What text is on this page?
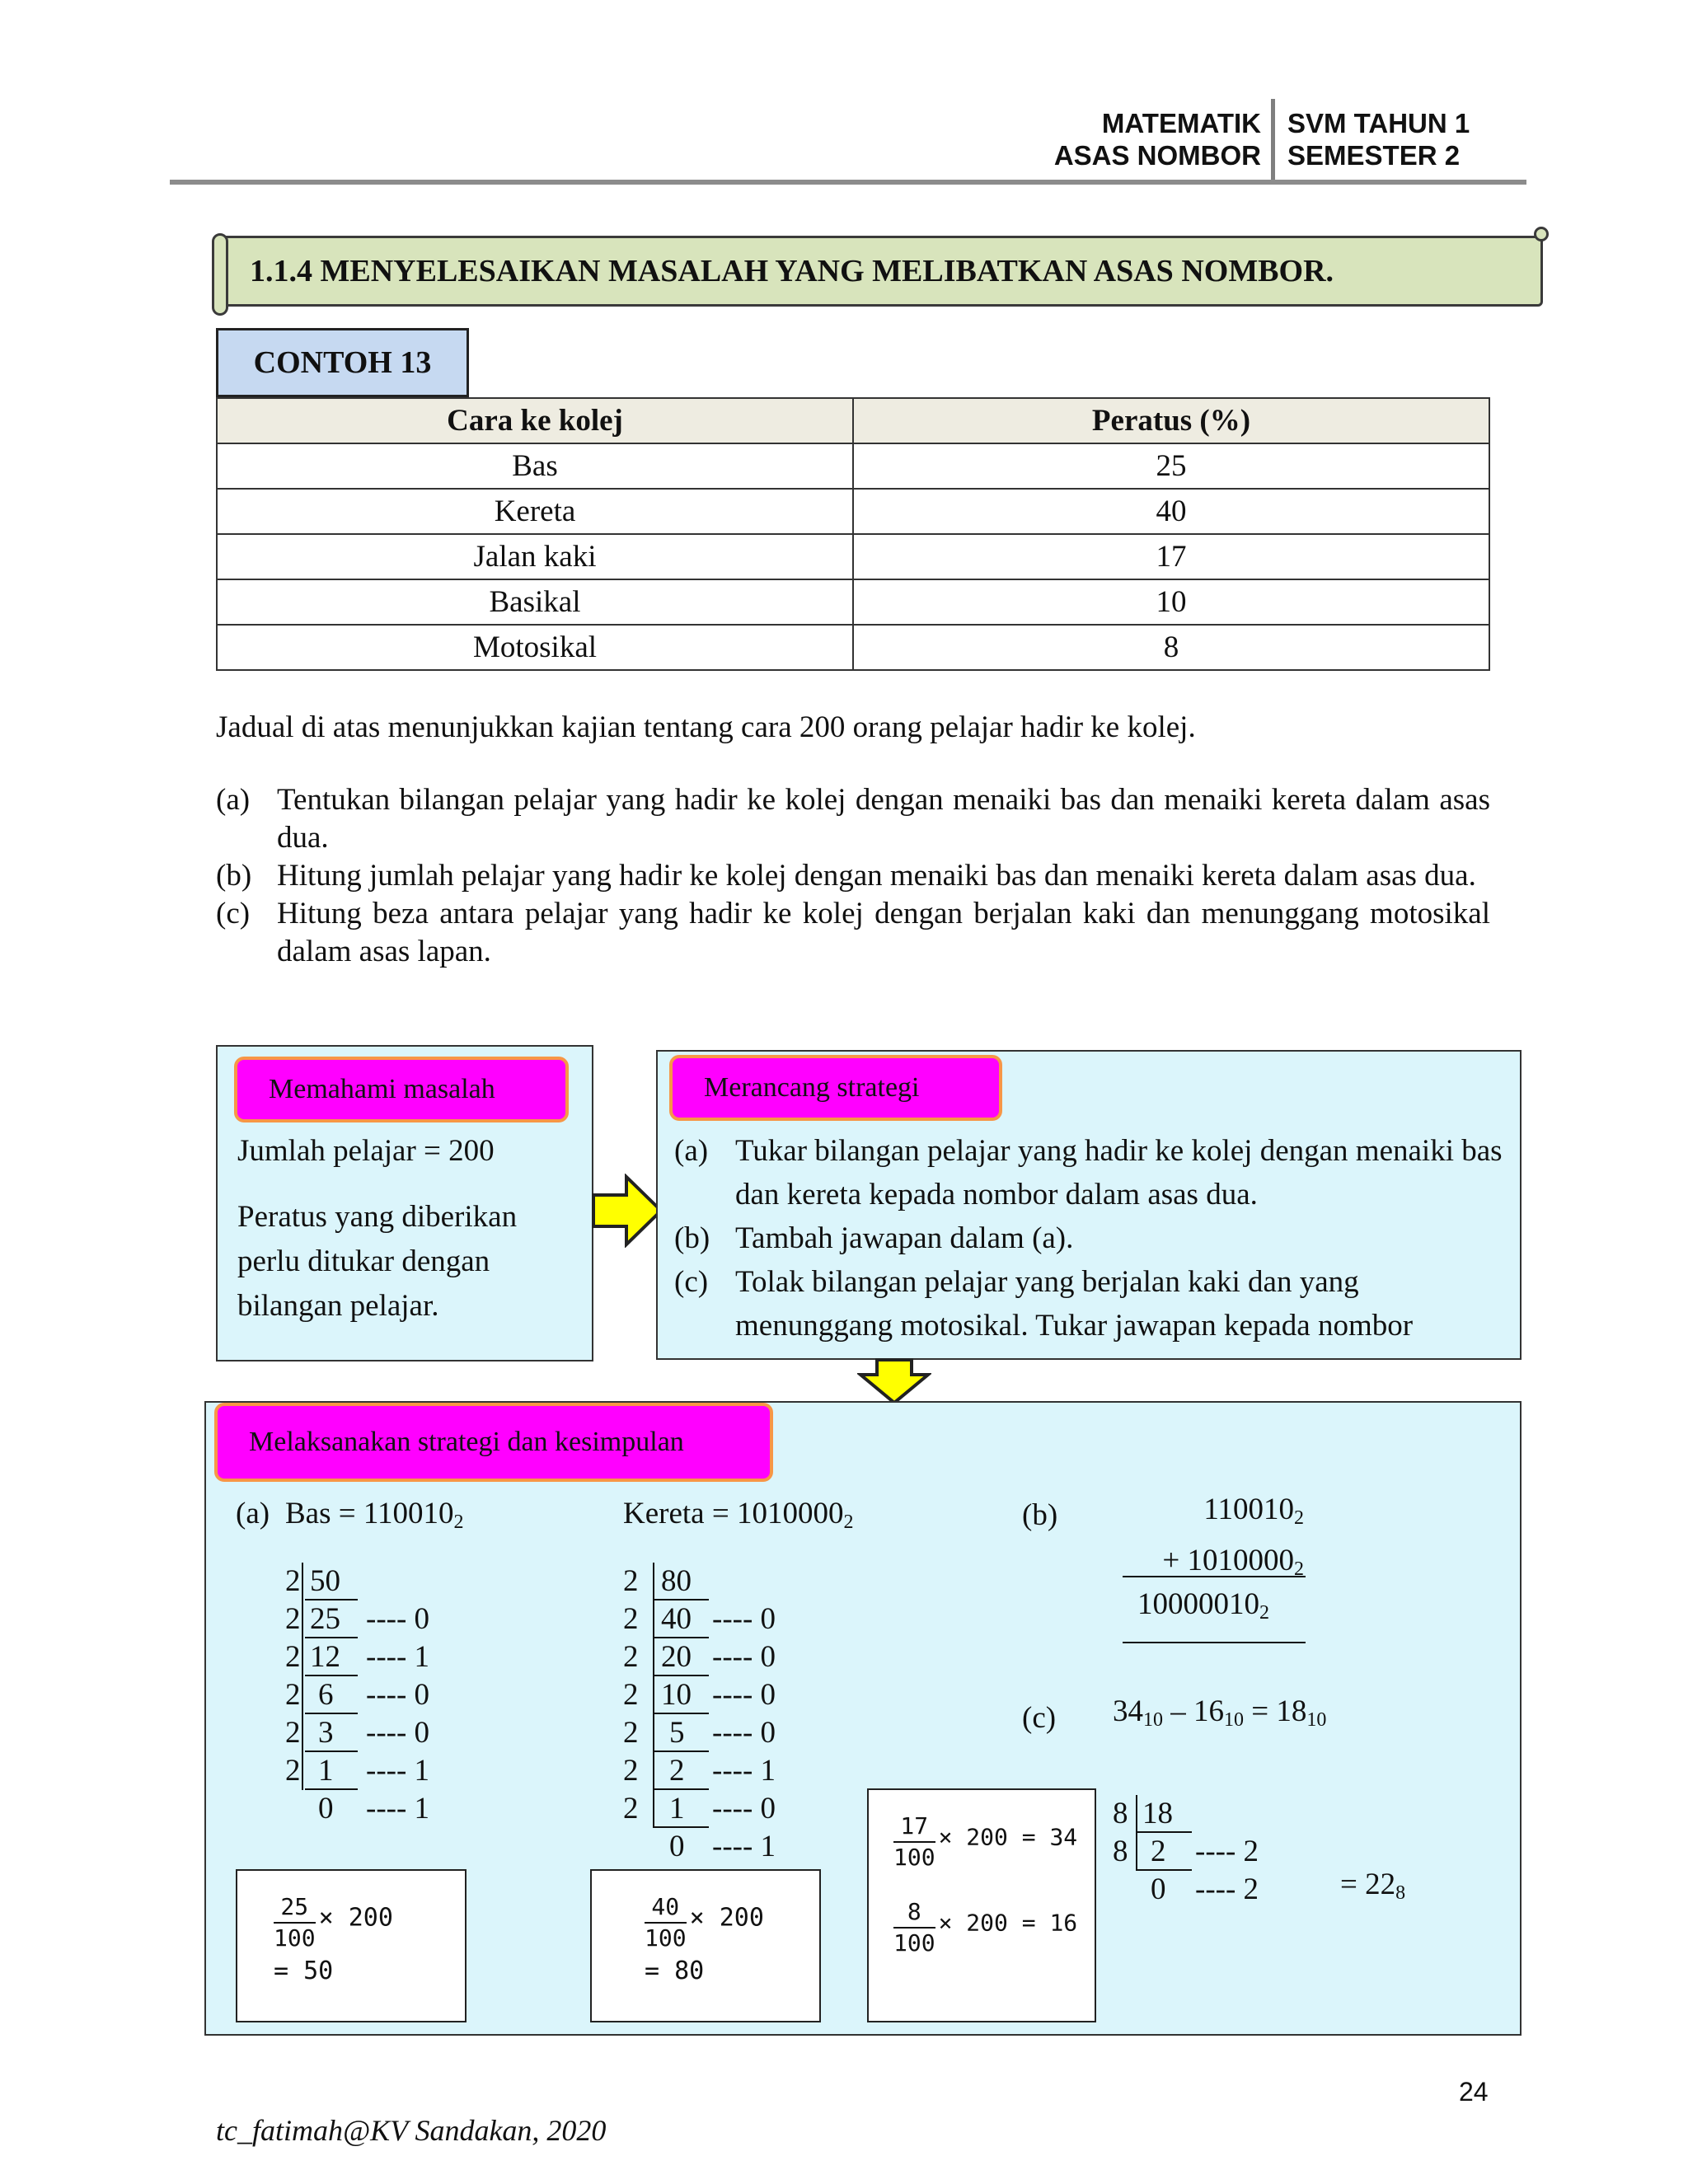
MATEMATIK
ASAS NOMBOR
SVM TAHUN 1
SEMESTER 2
1.1.4 MENYELESAIKAN MASALAH YANG MELIBATKAN ASAS NOMBOR.
CONTOH 13
Cara ke kolej	Peratus (%)
Bas	25
Kereta	40
Jalan kaki	17
Basikal	10
Motosikal	8
Jadual di atas menunjukkan kajian tentang cara 200 orang pelajar hadir ke kolej.
(a) Tentukan bilangan pelajar yang hadir ke kolej dengan menaiki bas dan menaiki kereta dalam asas dua.
(b) Hitung jumlah pelajar yang hadir ke kolej dengan menaiki bas dan menaiki kereta dalam asas dua.
(c) Hitung beza antara pelajar yang hadir ke kolej dengan berjalan kaki dan menunggang motosikal dalam asas lapan.
Memahami masalah
Jumlah pelajar = 200
Peratus yang diberikan perlu ditukar dengan bilangan pelajar.
Merancang strategi
(a) Tukar bilangan pelajar yang hadir ke kolej dengan menaiki bas dan kereta kepada nombor dalam asas dua.
(b) Tambah jawapan dalam (a).
(c) Tolak bilangan pelajar yang berjalan kaki dan yang menunggang motosikal. Tukar jawapan kepada nombor
Melaksanakan strategi dan kesimpulan
(a) Bas = $110010_2$	Kereta = $1010000_2$
2 50
2 25 ---- 0
2 12 ---- 1
2 6 ---- 0
2 3 ---- 0
2 1 ---- 1
0 ---- 1
2 80
2 40 ---- 0
2 20 ---- 0
2 10 ---- 0
2 5 ---- 0
2 2 ---- 1
2 1 ---- 0
0 ---- 1
$\frac{25}{100} \times 200$
= 50
$\frac{40}{100} \times 200$
= 80
$\frac{17}{100} \times 200 = 34$
$\frac{8}{100} \times 200 = 16$
(b)	$110010_2$
+ $1010000_2$
$10000010_2$
(c) $34_{10} - 16_{10} = 18_{10}$
8 18
8 2 ---- 2
0 ---- 2	= $22_8$
24
tc_fatimah@KV Sandakan, 2020
